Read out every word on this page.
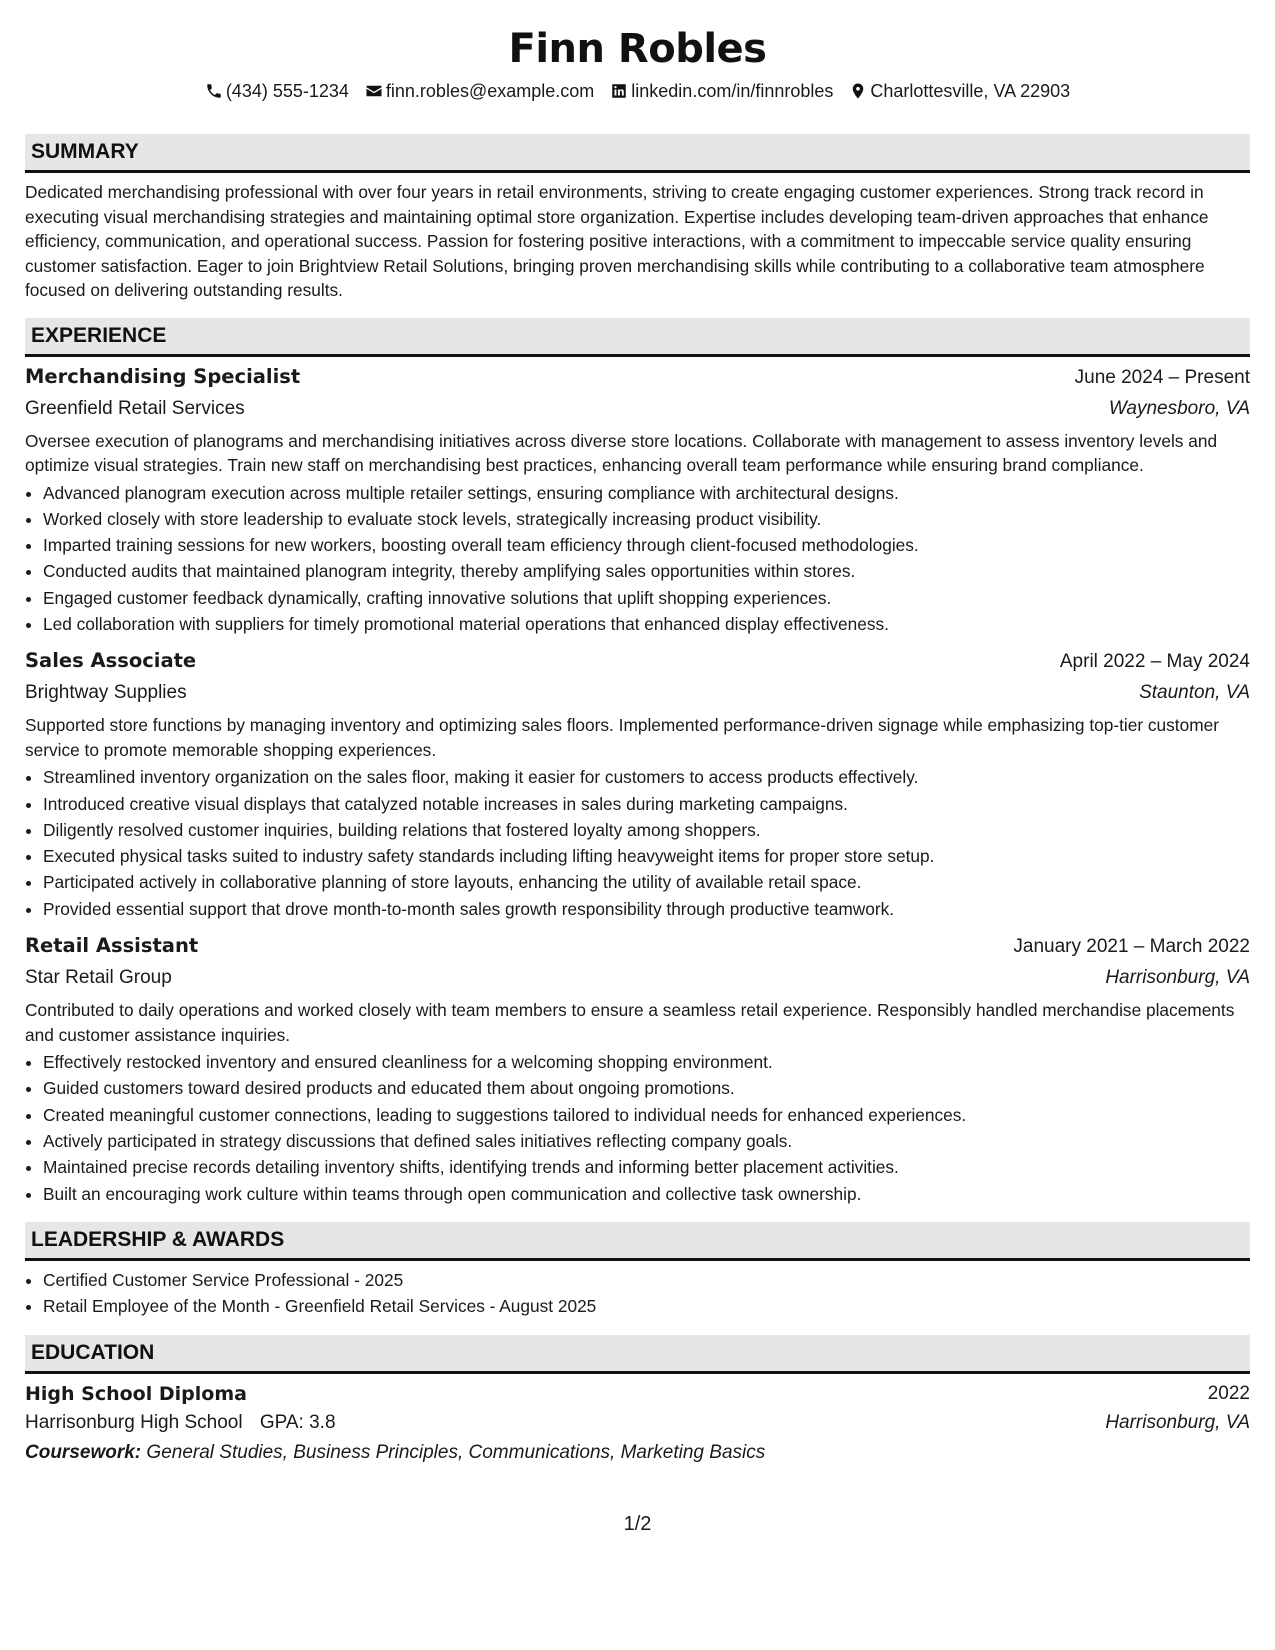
Finn Robles
(434) 555-1234 finn.robles@example.com linkedin.com/in/finnrobles Charlottesville, VA 22903
SUMMARY
Dedicated merchandising professional with over four years in retail environments, striving to create engaging customer experiences. Strong track record in executing visual merchandising strategies and maintaining optimal store organization. Expertise includes developing team-driven approaches that enhance efficiency, communication, and operational success. Passion for fostering positive interactions, with a commitment to impeccable service quality ensuring customer satisfaction. Eager to join Brightview Retail Solutions, bringing proven merchandising skills while contributing to a collaborative team atmosphere focused on delivering outstanding results.
EXPERIENCE
Merchandising Specialist	June 2024 – Present
Greenfield Retail Services	Waynesboro, VA
Oversee execution of planograms and merchandising initiatives across diverse store locations. Collaborate with management to assess inventory levels and optimize visual strategies. Train new staff on merchandising best practices, enhancing overall team performance while ensuring brand compliance.
• Advanced planogram execution across multiple retailer settings, ensuring compliance with architectural designs.
• Worked closely with store leadership to evaluate stock levels, strategically increasing product visibility.
• Imparted training sessions for new workers, boosting overall team efficiency through client-focused methodologies.
• Conducted audits that maintained planogram integrity, thereby amplifying sales opportunities within stores.
• Engaged customer feedback dynamically, crafting innovative solutions that uplift shopping experiences.
• Led collaboration with suppliers for timely promotional material operations that enhanced display effectiveness.
Sales Associate	April 2022 – May 2024
Brightway Supplies	Staunton, VA
Supported store functions by managing inventory and optimizing sales floors. Implemented performance-driven signage while emphasizing top-tier customer service to promote memorable shopping experiences.
• Streamlined inventory organization on the sales floor, making it easier for customers to access products effectively.
• Introduced creative visual displays that catalyzed notable increases in sales during marketing campaigns.
• Diligently resolved customer inquiries, building relations that fostered loyalty among shoppers.
• Executed physical tasks suited to industry safety standards including lifting heavyweight items for proper store setup.
• Participated actively in collaborative planning of store layouts, enhancing the utility of available retail space.
• Provided essential support that drove month-to-month sales growth responsibility through productive teamwork.
Retail Assistant	January 2021 – March 2022
Star Retail Group	Harrisonburg, VA
Contributed to daily operations and worked closely with team members to ensure a seamless retail experience. Responsibly handled merchandise placements and customer assistance inquiries.
• Effectively restocked inventory and ensured cleanliness for a welcoming shopping environment.
• Guided customers toward desired products and educated them about ongoing promotions.
• Created meaningful customer connections, leading to suggestions tailored to individual needs for enhanced experiences.
• Actively participated in strategy discussions that defined sales initiatives reflecting company goals.
• Maintained precise records detailing inventory shifts, identifying trends and informing better placement activities.
• Built an encouraging work culture within teams through open communication and collective task ownership.
LEADERSHIP & AWARDS
• Certified Customer Service Professional - 2025
• Retail Employee of the Month - Greenfield Retail Services - August 2025
EDUCATION
High School Diploma	2022
Harrisonburg High School GPA: 3.8	Harrisonburg, VA
Coursework: General Studies, Business Principles, Communications, Marketing Basics
1/2
